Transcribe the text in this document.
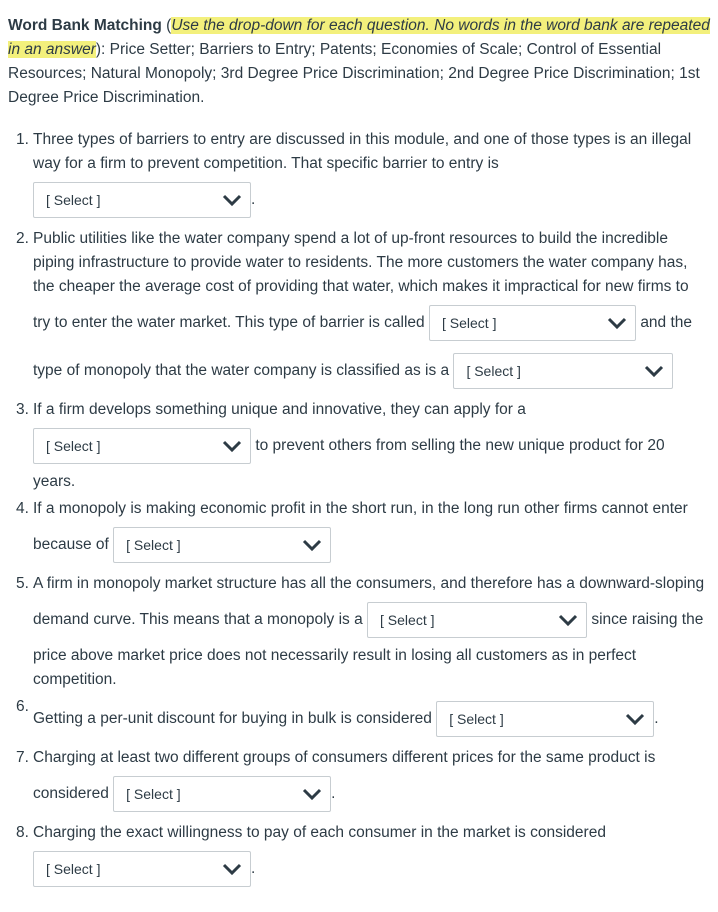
Word Bank Matching (Use the drop-down for each question. No words in the word bank are repeated in an answer): Price Setter; Barriers to Entry; Patents; Economies of Scale; Control of Essential Resources; Natural Monopoly; 3rd Degree Price Discrimination; 2nd Degree Price Discrimination; 1st Degree Price Discrimination.

1. Three types of barriers to entry are discussed in this module, and one of those types is an illegal way for a firm to prevent competition. That specific barrier to entry is

[ Select ]	.
2. Public utilities like the water company spend a lot of up-front resources to build the incredible piping infrastructure to provide water to residents. The more customers the water company has, the cheaper the average cost of providing that water, which makes it impractical for new firms to try to enter the water market. This type of barrier is called [ Select ]	and the type of monopoly that the water company is classified as is a [ Select ]
3. If a firm develops something unique and innovative, they can apply for a

[ Select ]	to prevent others from selling the new unique product for 20 years.
4. If a monopoly is making economic profit in the short run, in the long run other firms cannot enter because of [ Select ]
5. A firm in monopoly market structure has all the consumers, and therefore has a downward-sloping demand curve. This means that a monopoly is a [ Select ]	since raising the price above market price does not necessarily result in losing all customers as in perfect competition.
6.
Getting a per-unit discount for buying in bulk is considered [ Select ]	.
7. Charging at least two different groups of consumers different prices for the same product is considered [ Select ]	.
8. Charging the exact willingness to pay of each consumer in the market is considered

[ Select ]	.
